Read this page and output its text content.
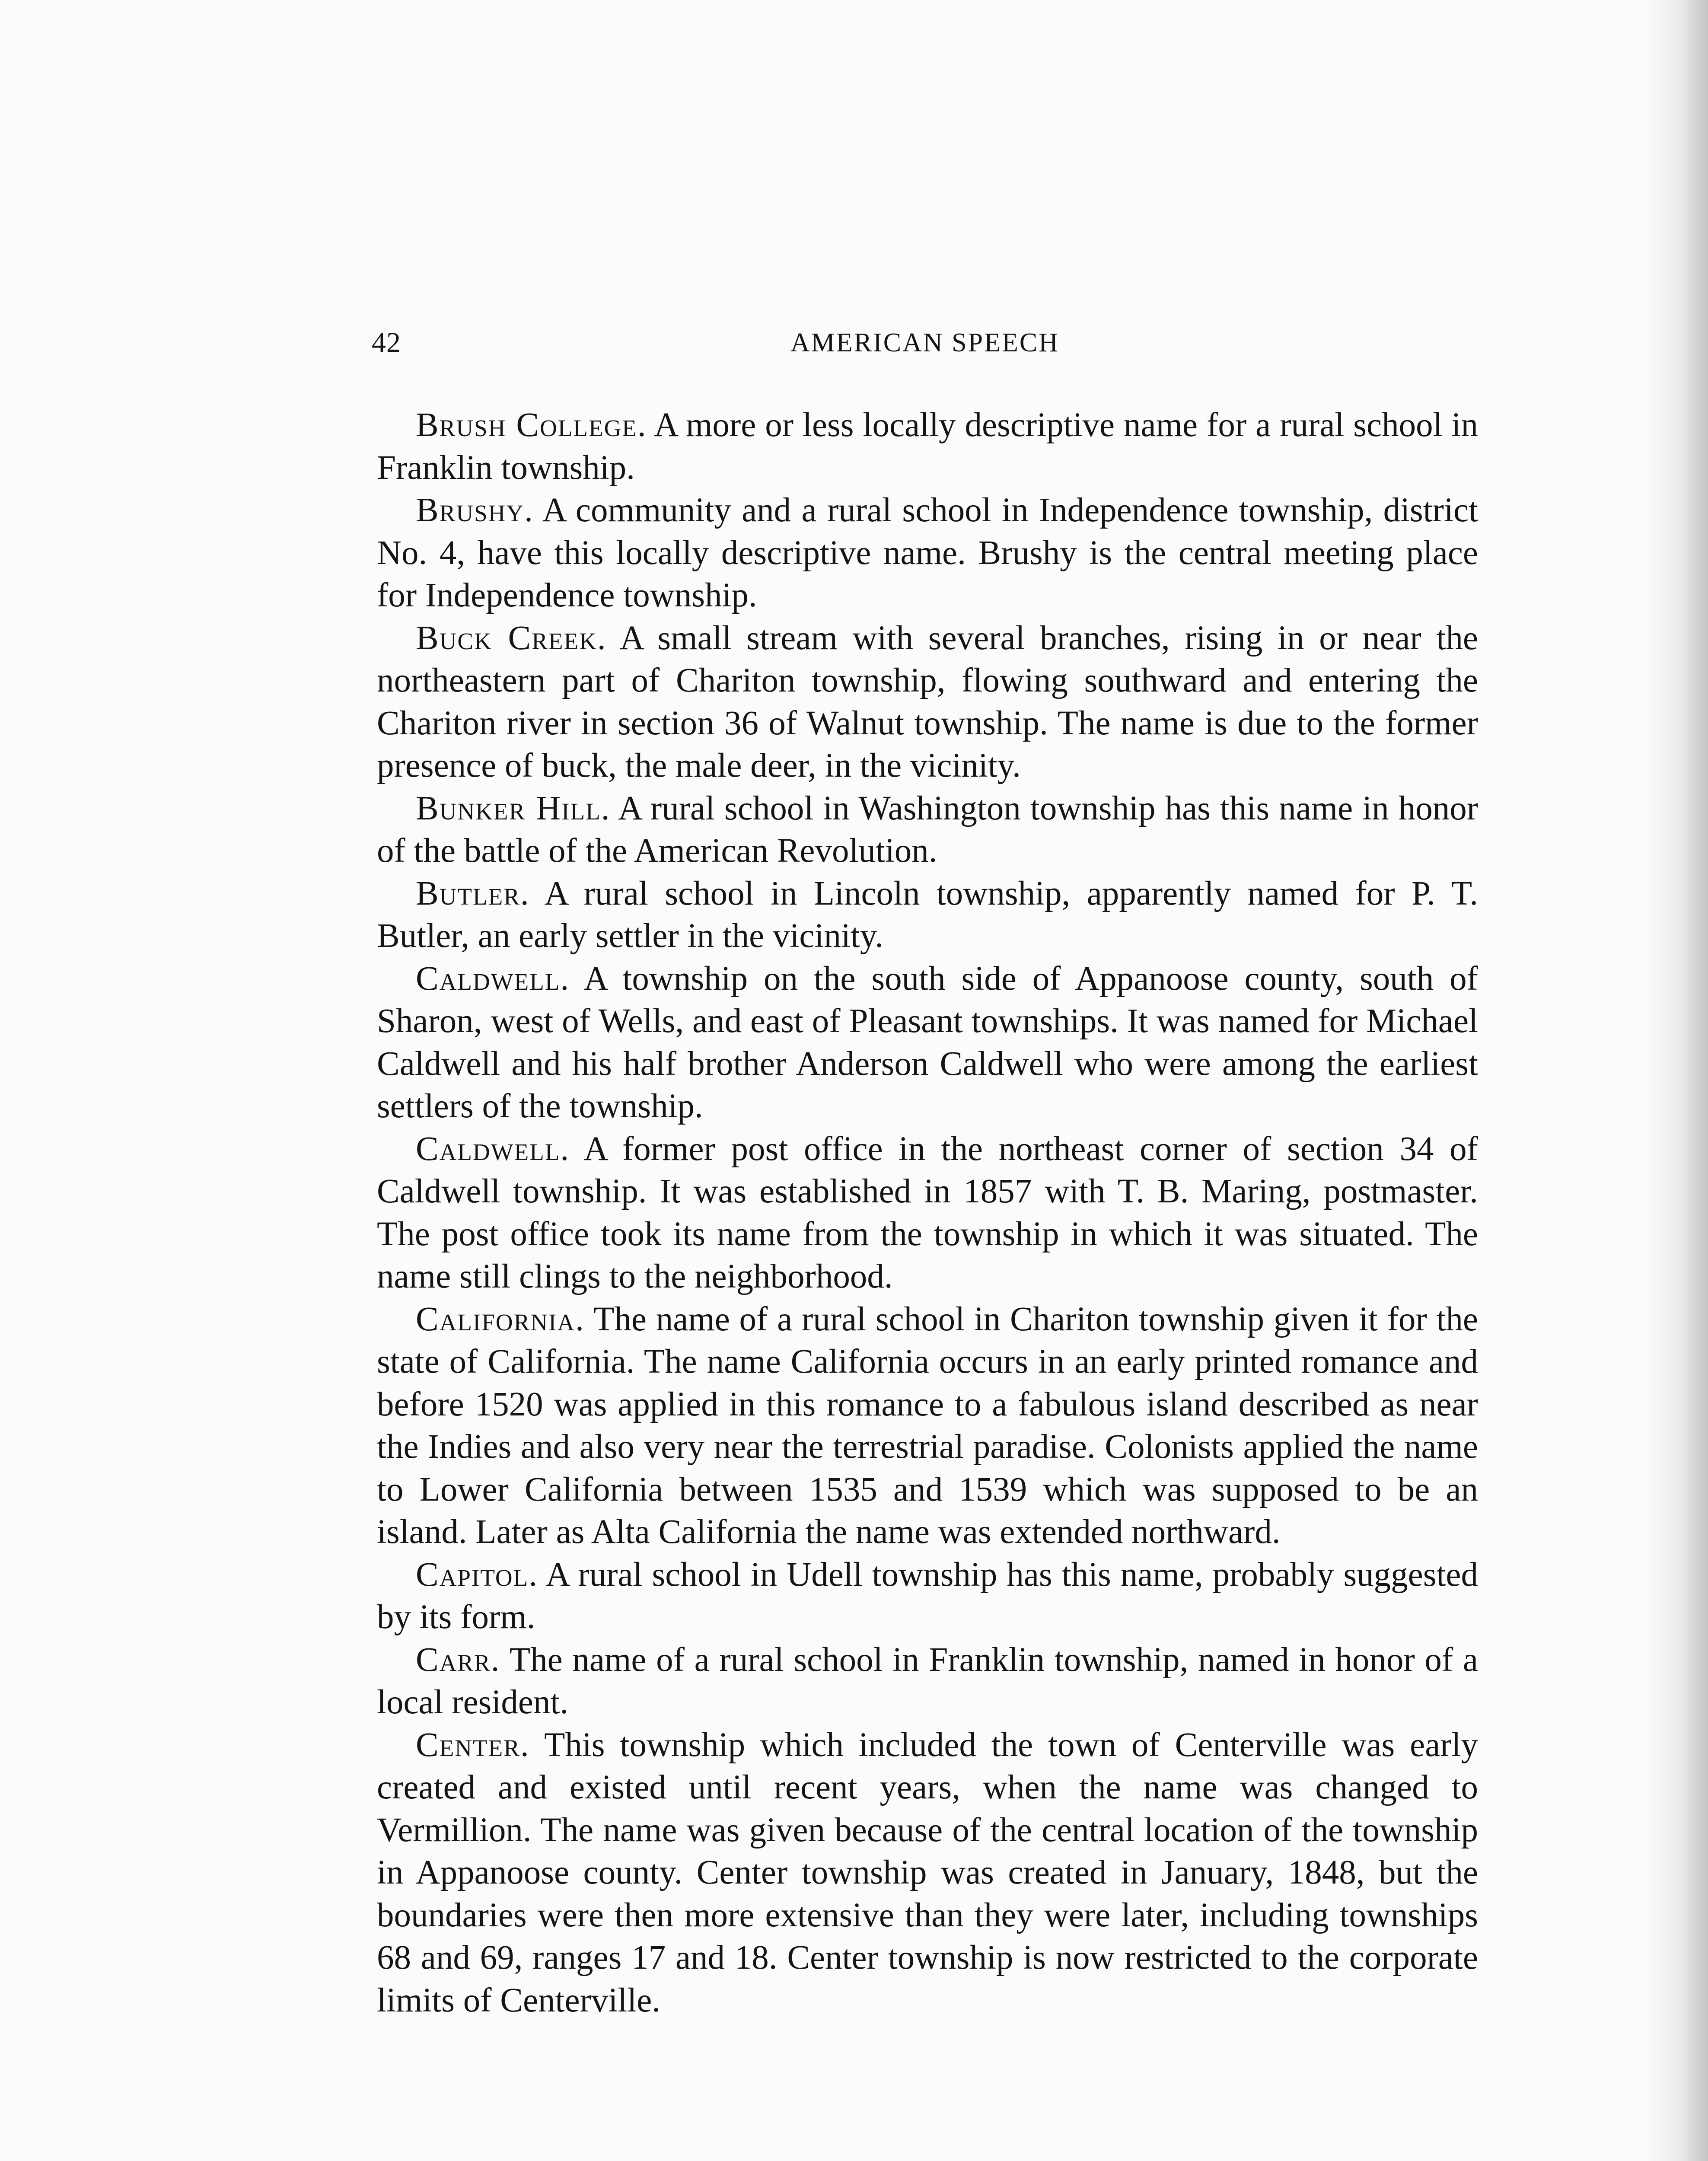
42	AMERICAN SPEECH

Brush College. A more or less locally descriptive name for a rural school in Franklin township.

Brushy. A community and a rural school in Independence township, district No. 4, have this locally descriptive name. Brushy is the central meeting place for Independence township.

Buck Creek. A small stream with several branches, rising in or near the northeastern part of Chariton township, flowing southward and entering the Chariton river in section 36 of Walnut township. The name is due to the former presence of buck, the male deer, in the vicinity.

Bunker Hill. A rural school in Washington township has this name in honor of the battle of the American Revolution.

Butler. A rural school in Lincoln township, apparently named for P. T. Butler, an early settler in the vicinity.

Caldwell. A township on the south side of Appanoose county, south of Sharon, west of Wells, and east of Pleasant townships. It was named for Michael Caldwell and his half brother Anderson Caldwell who were among the earliest settlers of the township.

Caldwell. A former post office in the northeast corner of section 34 of Caldwell township. It was established in 1857 with T. B. Maring, postmaster. The post office took its name from the township in which it was situated. The name still clings to the neighborhood.

California. The name of a rural school in Chariton township given it for the state of California. The name California occurs in an early printed romance and before 1520 was applied in this romance to a fabulous island described as near the Indies and also very near the terrestrial paradise. Colonists applied the name to Lower California between 1535 and 1539 which was supposed to be an island. Later as Alta California the name was extended northward.

Capitol. A rural school in Udell township has this name, probably suggested by its form.

Carr. The name of a rural school in Franklin township, named in honor of a local resident.

Center. This township which included the town of Centerville was early created and existed until recent years, when the name was changed to Vermillion. The name was given because of the central location of the township in Appanoose county. Center township was created in January, 1848, but the boundaries were then more extensive than they were later, including townships 68 and 69, ranges 17 and 18. Center township is now restricted to the corporate limits of Centerville.
